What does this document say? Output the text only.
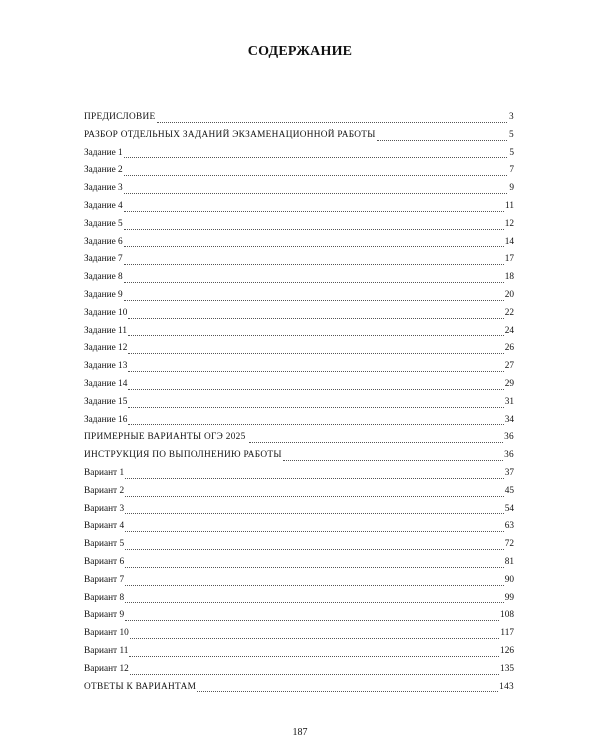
СОДЕРЖАНИЕ
ПРЕДИСЛОВИЕ	3
РАЗБОР ОТДЕЛЬНЫХ ЗАДАНИЙ ЭКЗАМЕНАЦИОННОЙ РАБОТЫ	5
Задание 1	5
Задание 2	7
Задание 3	9
Задание 4	11
Задание 5	12
Задание 6	14
Задание 7	17
Задание 8	18
Задание 9	20
Задание 10	22
Задание 11	24
Задание 12	26
Задание 13	27
Задание 14	29
Задание 15	31
Задание 16	34
ПРИМЕРНЫЕ ВАРИАНТЫ ОГЭ 2025	36
ИНСТРУКЦИЯ ПО ВЫПОЛНЕНИЮ РАБОТЫ	36
Вариант 1	37
Вариант 2	45
Вариант 3	54
Вариант 4	63
Вариант 5	72
Вариант 6	81
Вариант 7	90
Вариант 8	99
Вариант 9	108
Вариант 10	117
Вариант 11	126
Вариант 12	135
ОТВЕТЫ К ВАРИАНТАМ	143
187
